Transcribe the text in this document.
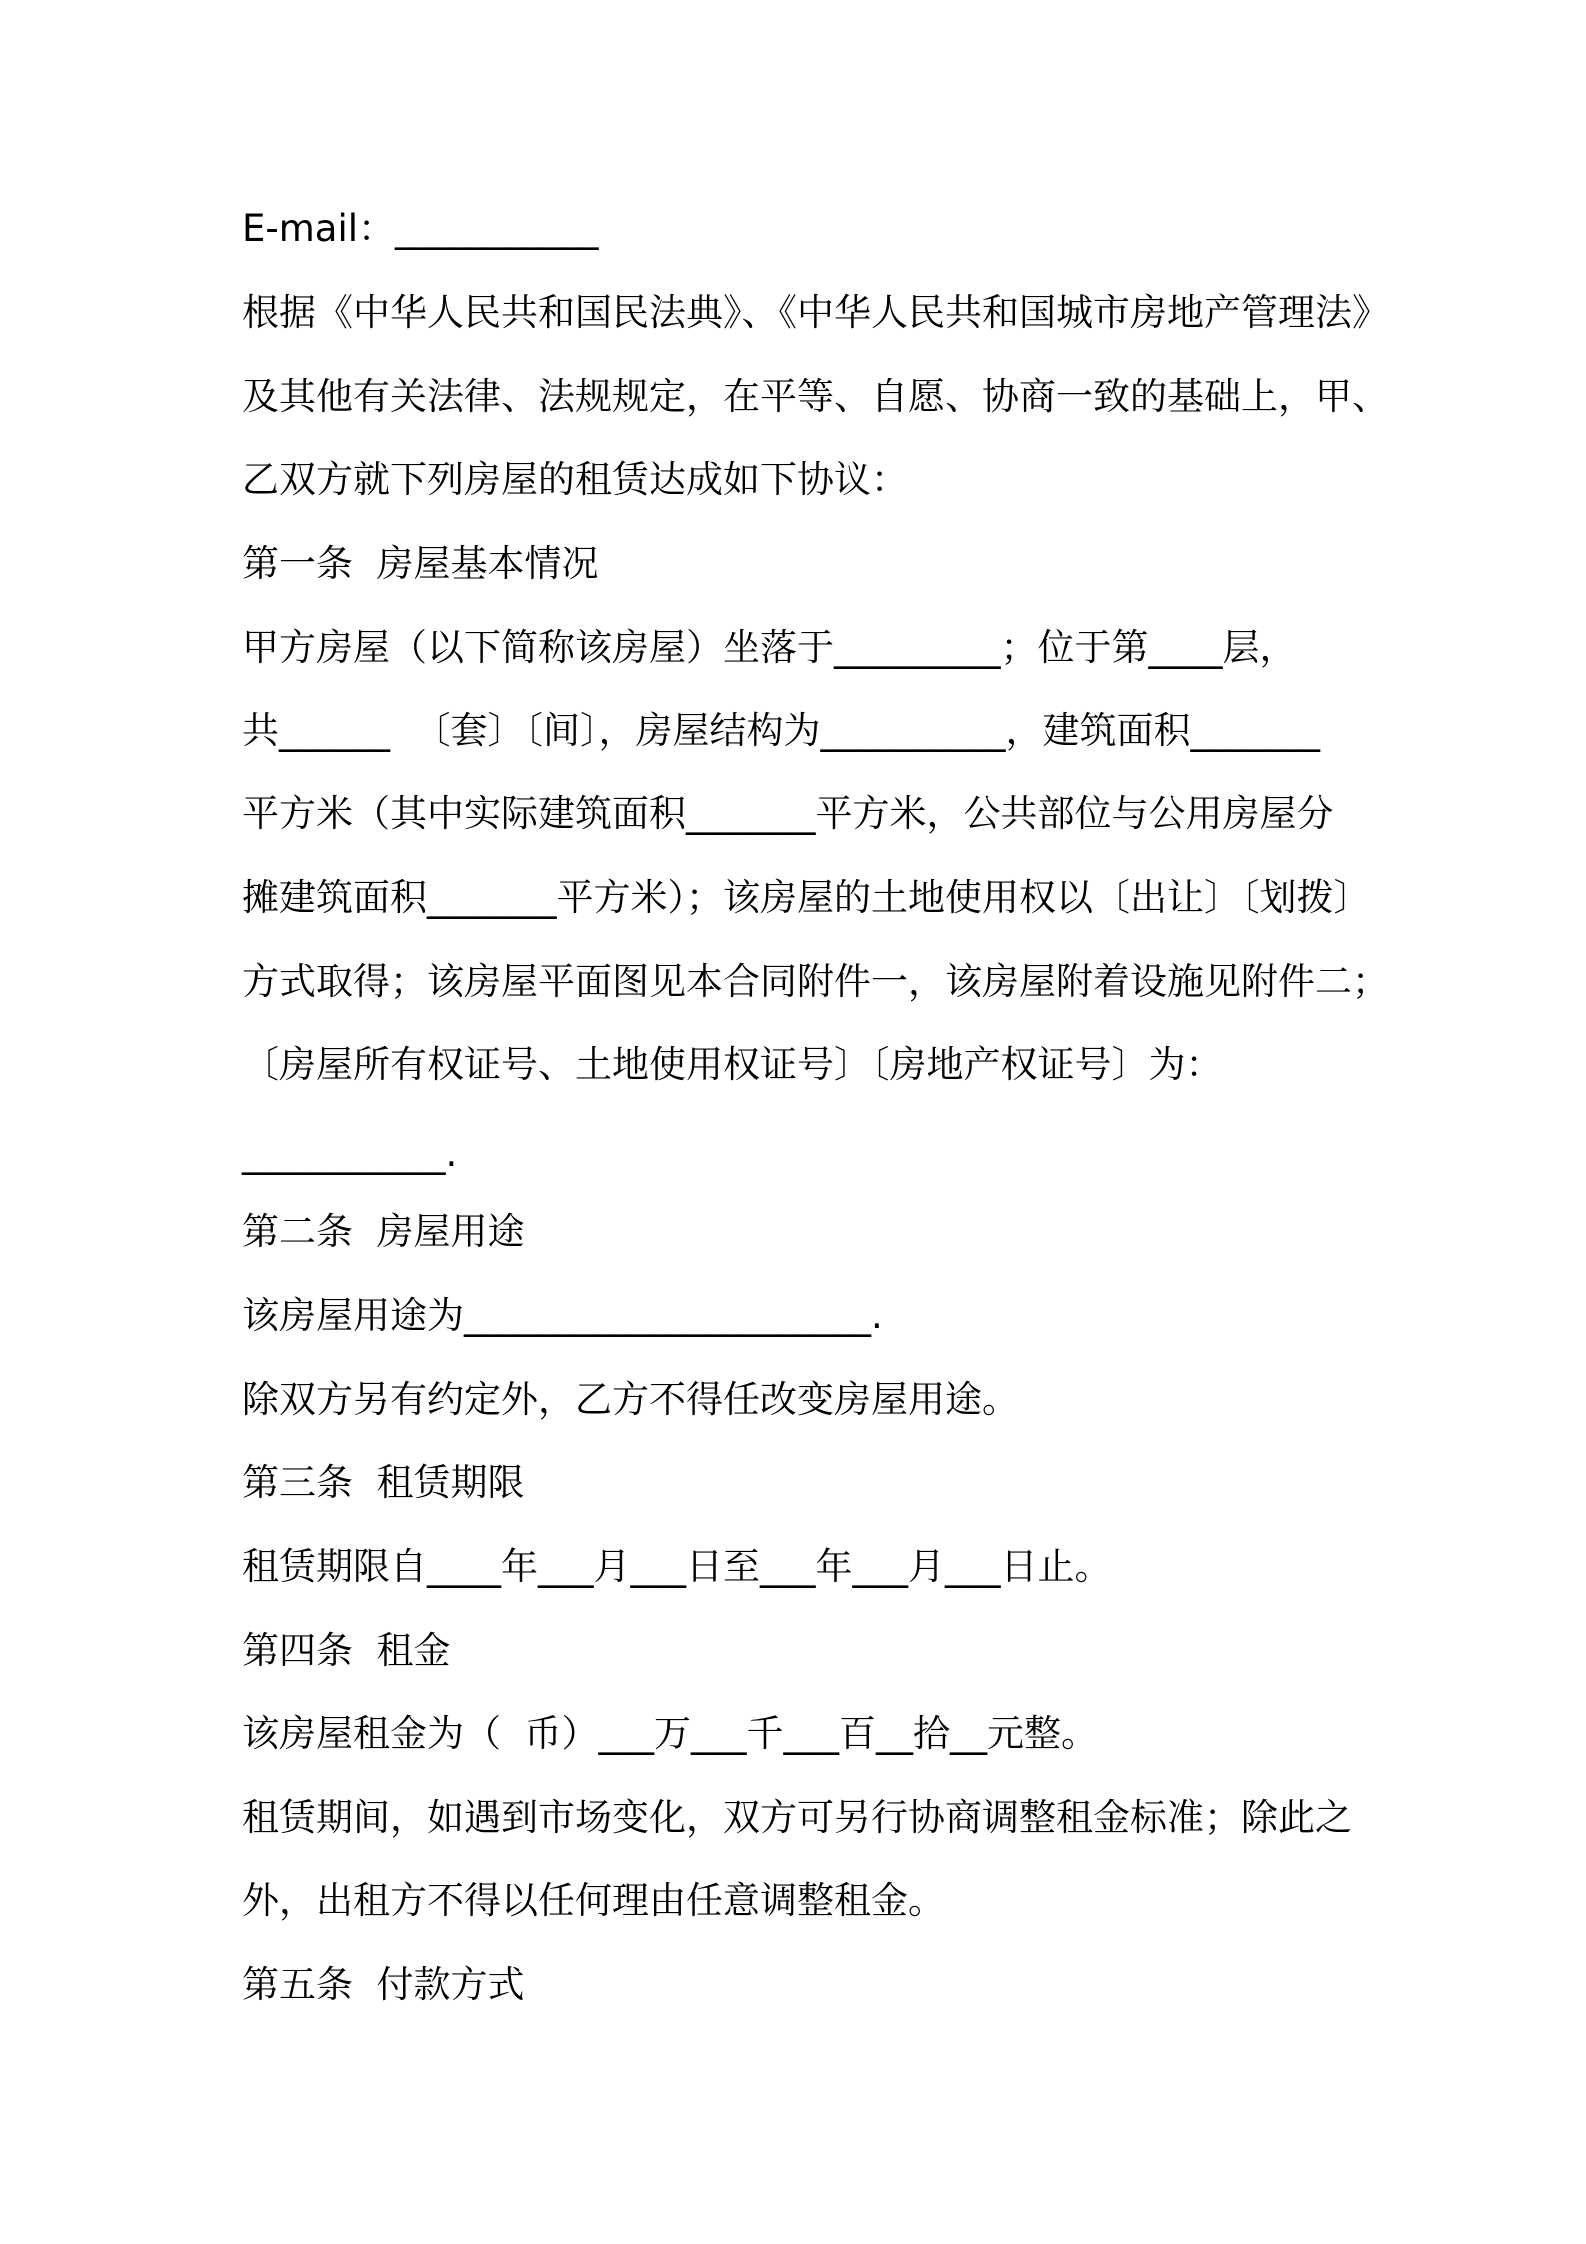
E-mail：___________
根据《中华人民共和国民法典》、《中华人民共和国城市房地产管理法》
及其他有关法律、法规规定，在平等、自愿、协商一致的基础上，甲、
乙双方就下列房屋的租赁达成如下协议：
第一条  房屋基本情况
甲方房屋（以下简称该房屋）坐落于_________；位于第____层，
共______  〔套〕〔间〕，房屋结构为__________，建筑面积_______
平方米（其中实际建筑面积_______平方米，公共部位与公用房屋分
摊建筑面积_______平方米）；该房屋的土地使用权以〔出让〕〔划拨〕
方式取得；该房屋平面图见本合同附件一，该房屋附着设施见附件二；
〔房屋所有权证号、土地使用权证号〕〔房地产权证号〕为：
___________.
第二条  房屋用途
该房屋用途为______________________.
除双方另有约定外，乙方不得任改变房屋用途。
第三条  租赁期限
租赁期限自____年___月___日至___年___月___日止。
第四条  租金
该房屋租金为（  币）___万___千___百__拾__元整。
租赁期间，如遇到市场变化，双方可另行协商调整租金标准；除此之
外，出租方不得以任何理由任意调整租金。
第五条  付款方式
